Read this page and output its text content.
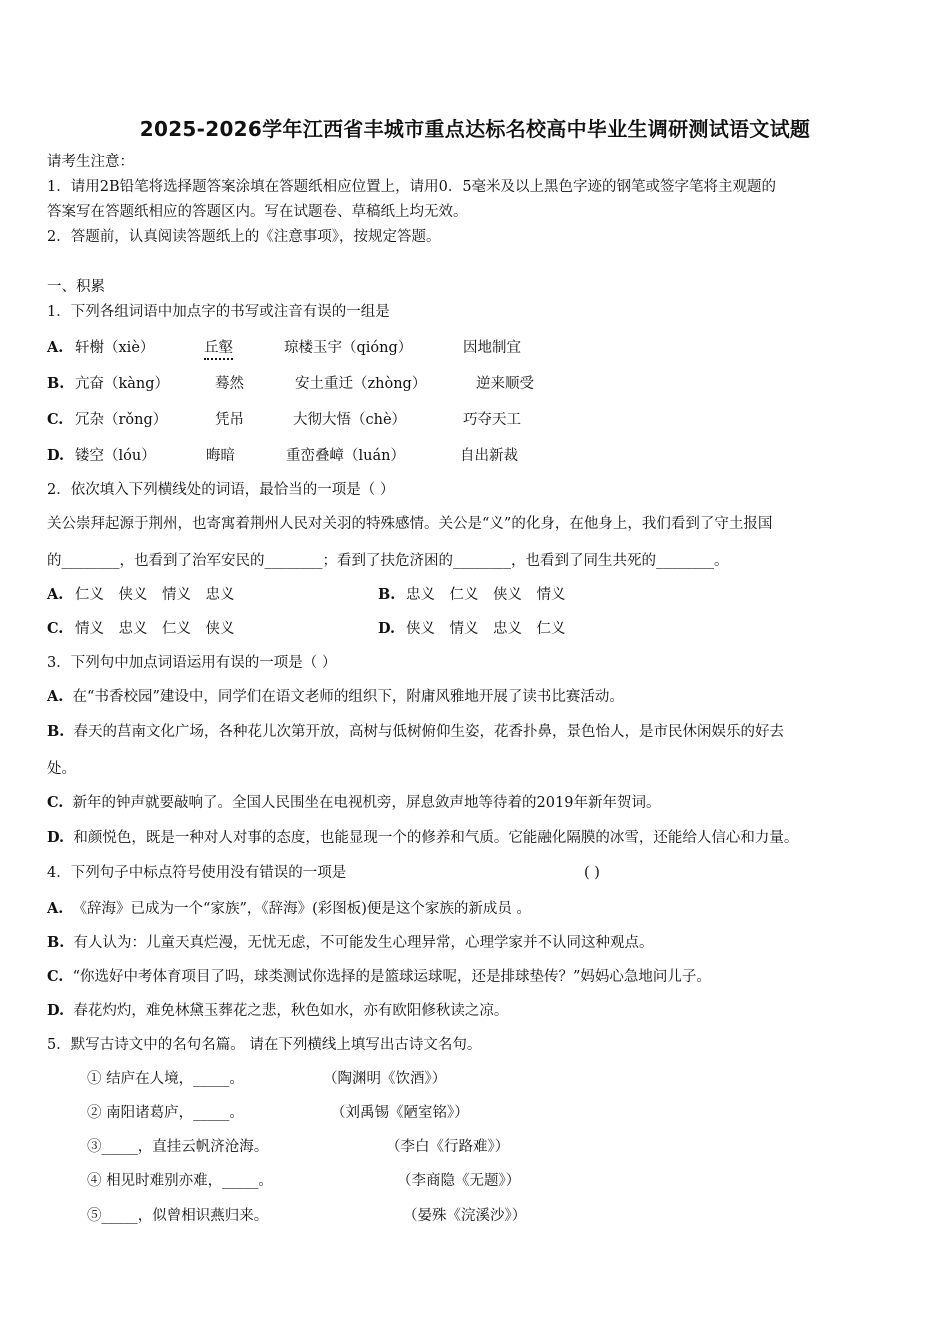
2025-2026学年江西省丰城市重点达标名校高中毕业生调研测试语文试题
请考生注意：
1．请用2B铅笔将选择题答案涂填在答题纸相应位置上，请用0．5毫米及以上黑色字迹的钢笔或签字笔将主观题的
答案写在答题纸相应的答题区内。写在试题卷、草稿纸上均无效。
2．答题前，认真阅读答题纸上的《注意事项》，按规定答题。
一、积累
1．下列各组词语中加点字的书写或注音有误的一组是
A. 轩榭（xiè）	丘壑	琼楼玉宇（qióng）	因地制宜
B. 亢奋（kàng）	蓦然	安土重迁（zhòng）	逆来顺受
C. 冗杂（rǒng）	凭吊	大彻大悟（chè）	巧夺天工
D. 镂空（lóu）	晦暗	重峦叠嶂（luán）	自出新裁
2．依次填入下列横线处的词语，最恰当的一项是（ ）
关公崇拜起源于荆州，也寄寓着荆州人民对关羽的特殊感情。关公是“义”的化身，在他身上，我们看到了守土报国
的________，也看到了治军安民的________；看到了扶危济困的________，也看到了同生共死的________。
A. 仁义　侠义　情义　忠义	B. 忠义　仁义　侠义　情义
C. 情义　忠义　仁义　侠义	D. 侠义　情义　忠义　仁义
3．下列句中加点词语运用有误的一项是（ ）
A. 在“书香校园”建设中，同学们在语文老师的组织下，附庸风雅地开展了读书比赛活动。
B. 春天的莒南文化广场，各种花儿次第开放，高树与低树俯仰生姿，花香扑鼻，景色怡人，是市民休闲娱乐的好去
处。
C. 新年的钟声就要敲响了。全国人民围坐在电视机旁，屏息敛声地等待着的2019年新年贺词。
D. 和颜悦色，既是一种对人对事的态度，也能显现一个的修养和气质。它能融化隔膜的冰雪，还能给人信心和力量。
4．下列句子中标点符号使用没有错误的一项是	( )
A. 《辞海》已成为一个“家族”，《辞海》(彩图板)便是这个家族的新成员 。
B. 有人认为：儿童天真烂漫，无忧无虑，不可能发生心理异常，心理学家并不认同这种观点。
C. “你选好中考体育项目了吗，球类测试你选择的是篮球运球呢，还是排球垫传？”妈妈心急地问儿子。
D. 春花灼灼，难免林黛玉葬花之悲，秋色如水，亦有欧阳修秋读之凉。
5．默写古诗文中的名句名篇。 请在下列横线上填写出古诗文名句。
① 结庐在人境，_____。	（陶渊明《饮酒》）
② 南阳诸葛庐，_____。	（刘禹锡《陋室铭》）
③_____，直挂云帆济沧海。	（李白《行路难》）
④ 相见时难别亦难，_____。	（李商隐《无题》）
⑤_____，似曾相识燕归来。	（晏殊《浣溪沙》）
